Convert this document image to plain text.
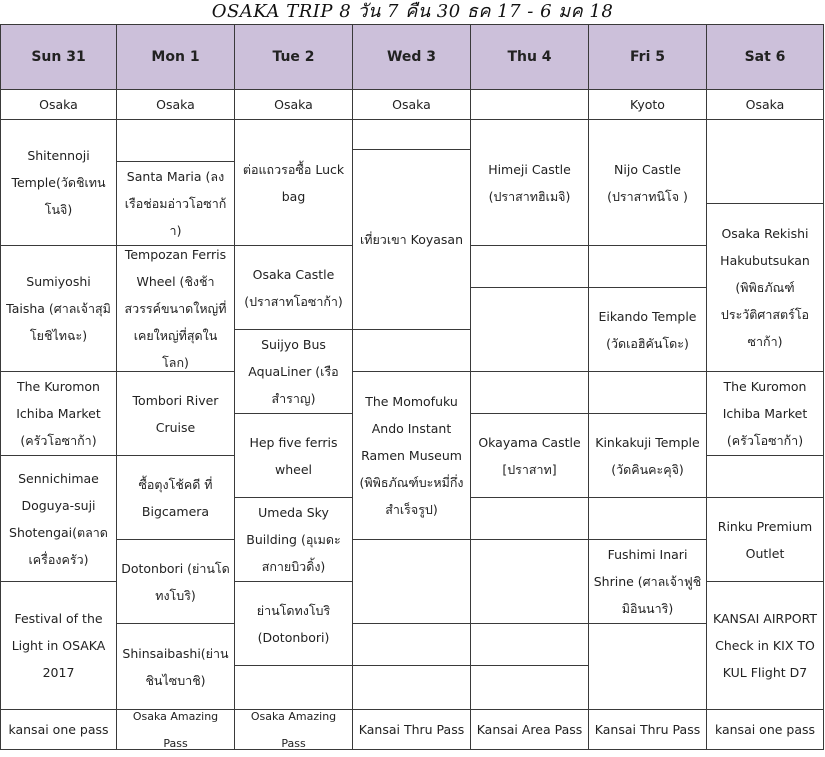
OSAKA TRIP 8 วัน 7 คืน 30 ธค 17 - 6 มค 18
Sun 31
Osaka
Shitennoji Temple(วัดชิเทนโนจิ)
Sumiyoshi Taisha (ศาลเจ้าสุมิโยชิไทฉะ)
The Kuromon Ichiba Market (ครัวโอซาก้า)
Sennichimae Doguya-suji Shotengai(ตลาดเครื่องครัว)
Festival of the Light in OSAKA 2017
kansai one pass
Mon 1
Osaka
Santa Maria (ลงเรือช่อมอ่าวโอซาก้า)
Tempozan Ferris Wheel (ชิงช้าสวรรค์ขนาดใหญ่ที่เคยใหญ่ที่สุดในโลก)
Tombori River Cruise
ซื้อตุงโช้คดี ที่ Bigcamera
Dotonbori (ย่านโดทงโบริ)
Shinsaibashi(ย่านชินไซบาชิ)
Osaka Amazing Pass
Tue 2
Osaka
ต่อแถวรอซื้อ Luck bag
Osaka Castle (ปราสาทโอซาก้า)
Suijyo Bus AquaLiner (เรือสำราญ)
Hep five ferris wheel
Umeda Sky Building (อุเมดะสกายบิวดิ้ง)
ย่านโดทงโบริ (Dotonbori)
Osaka Amazing Pass
Wed 3
Osaka
เที่ยวเขา Koyasan
The Momofuku Ando Instant Ramen Museum (พิพิธภัณฑ์บะหมี่กึ่งสำเร็จรูป)
Kansai Thru Pass
Thu 4
Himeji Castle (ปราสาทฮิเมจิ)
Okayama Castle [ปราสาท]
Kansai Area Pass
Fri 5
Kyoto
Nijo Castle (ปราสาทนิโจ )
Eikando Temple (วัดเอฮิคันโดะ)
Kinkakuji Temple (วัดคินคะคุจิ)
Fushimi Inari Shrine (ศาลเจ้าฟูชิมิอินนาริ)
Kansai Thru Pass
Sat 6
Osaka
Osaka Rekishi Hakubutsukan (พิพิธภัณฑ์ประวัติศาสตร์โอซาก้า)
The Kuromon Ichiba Market (ครัวโอซาก้า)
Rinku Premium Outlet
KANSAI AIRPORT Check in KIX TO KUL Flight D7
kansai one pass
